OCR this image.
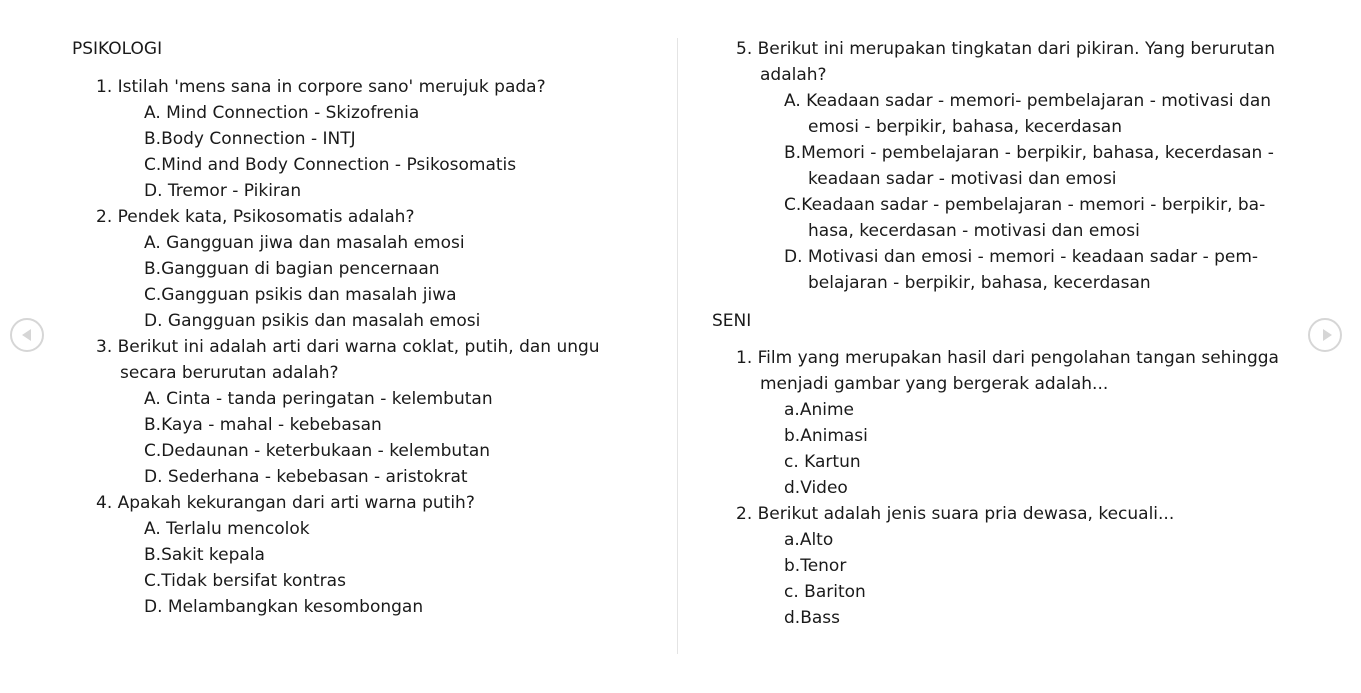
PSIKOLOGI
1. Istilah 'mens sana in corpore sano' merujuk pada?
A. Mind Connection - Skizofrenia
B.Body Connection - INTJ
C.Mind and Body Connection - Psikosomatis
D. Tremor - Pikiran
2. Pendek kata, Psikosomatis adalah?
A. Gangguan jiwa dan masalah emosi
B.Gangguan di bagian pencernaan
C.Gangguan psikis dan masalah jiwa
D. Gangguan psikis dan masalah emosi
3. Berikut ini adalah arti dari warna coklat, putih, dan ungu
secara berurutan adalah?
A. Cinta - tanda peringatan - kelembutan
B.Kaya - mahal - kebebasan
C.Dedaunan - keterbukaan - kelembutan
D. Sederhana - kebebasan - aristokrat
4. Apakah kekurangan dari arti warna putih?
A. Terlalu mencolok
B.Sakit kepala
C.Tidak bersifat kontras
D. Melambangkan kesombongan
5. Berikut ini merupakan tingkatan dari pikiran. Yang berurutan
adalah?
A. Keadaan sadar - memori- pembelajaran - motivasi dan
emosi - berpikir, bahasa, kecerdasan
B.Memori - pembelajaran - berpikir, bahasa, kecerdasan -
keadaan sadar - motivasi dan emosi
C.Keadaan sadar - pembelajaran - memori - berpikir, ba-
hasa, kecerdasan - motivasi dan emosi
D. Motivasi dan emosi - memori - keadaan sadar - pem-
belajaran - berpikir, bahasa, kecerdasan
SENI
1. Film yang merupakan hasil dari pengolahan tangan sehingga
menjadi gambar yang bergerak adalah...
a.Anime
b.Animasi
c. Kartun
d.Video
2. Berikut adalah jenis suara pria dewasa, kecuali...
a.Alto
b.Tenor
c. Bariton
d.Bass
